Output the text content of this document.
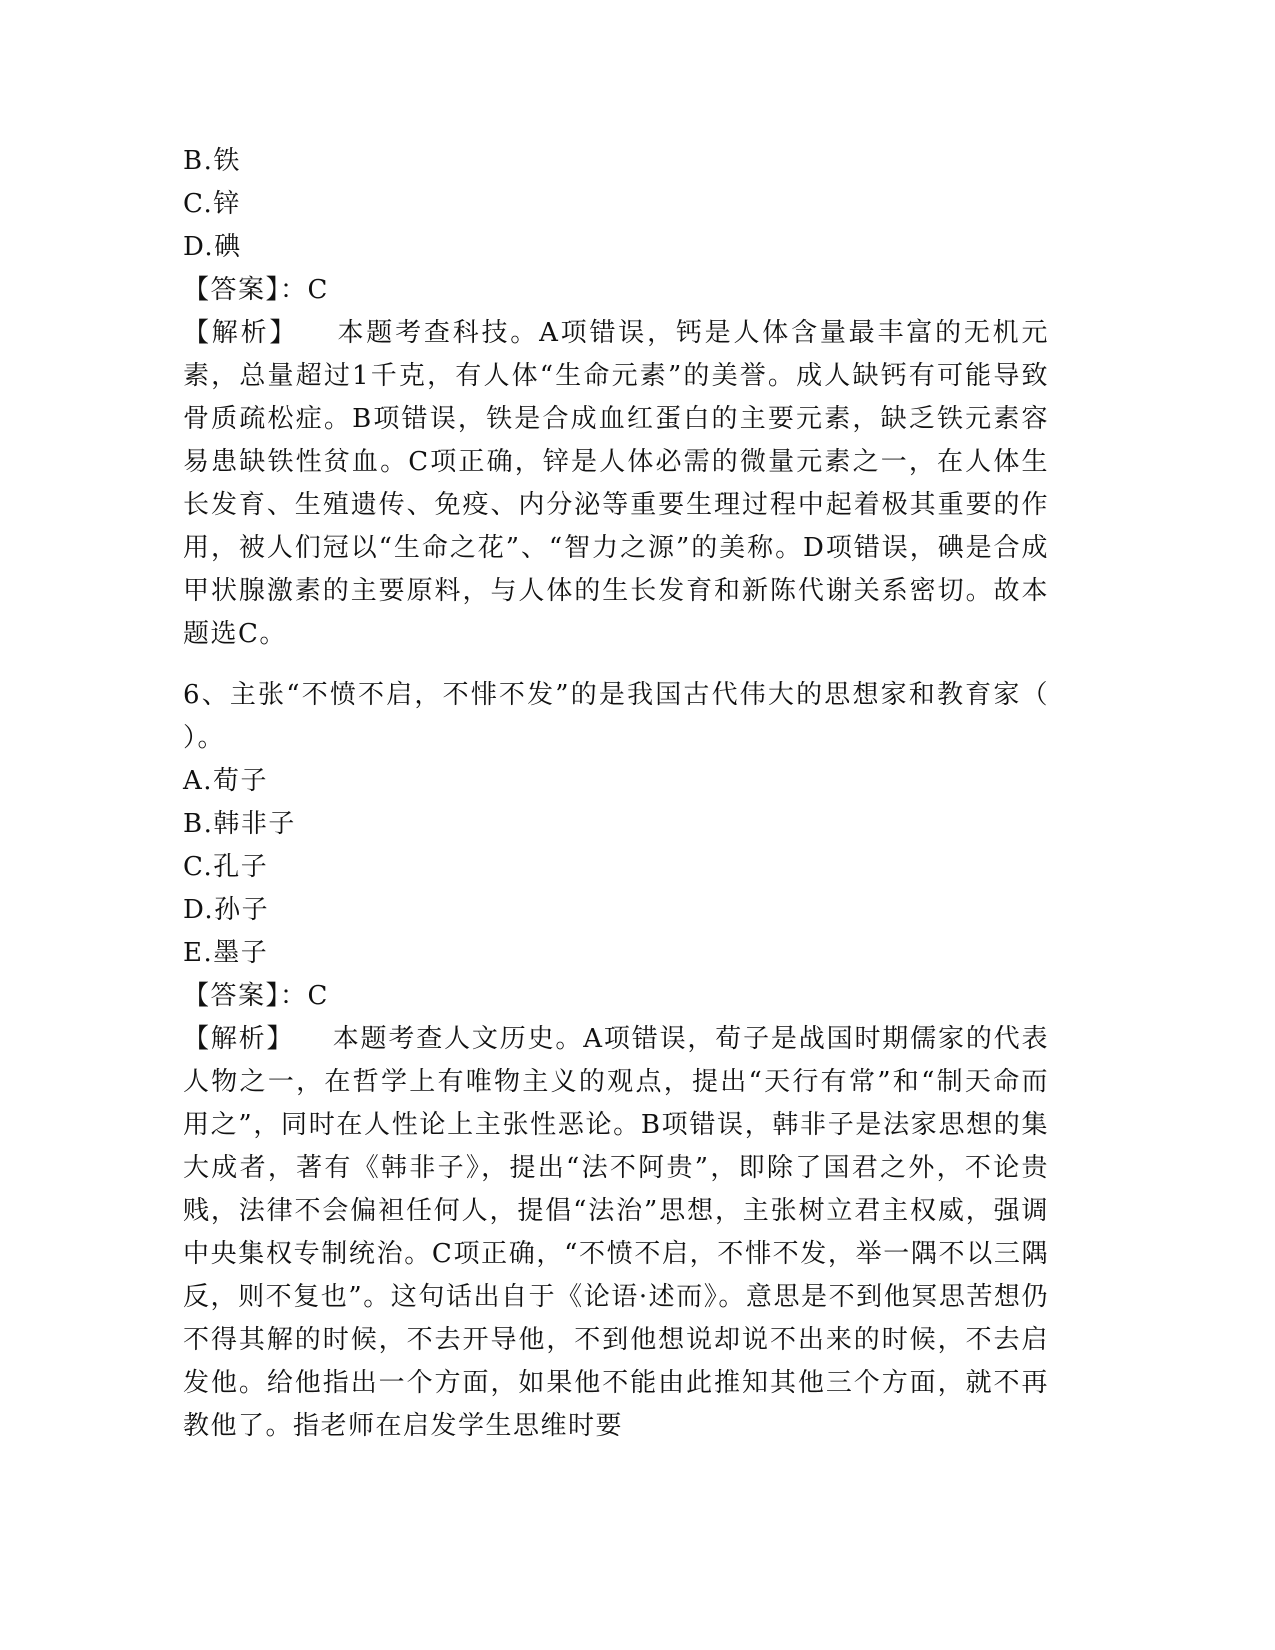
B.铁
C.锌
D.碘
【答案】：C
【解析】 本题考查科技。A项错误，钙是人体含量最丰富的无机元素，总量超过1千克，有人体“生命元素”的美誉。成人缺钙有可能导致骨质疏松症。B项错误，铁是合成血红蛋白的主要元素，缺乏铁元素容易患缺铁性贫血。C项正确，锌是人体必需的微量元素之一，在人体生长发育、生殖遗传、免疫、内分泌等重要生理过程中起着极其重要的作用，被人们冠以“生命之花”、“智力之源”的美称。D项错误，碘是合成甲状腺激素的主要原料，与人体的生长发育和新陈代谢关系密切。故本题选C。
6、主张“不愤不启，不悱不发”的是我国古代伟大的思想家和教育家（　　）。
A.荀子
B.韩非子
C.孔子
D.孙子
E.墨子
【答案】：C
【解析】 本题考查人文历史。A项错误，荀子是战国时期儒家的代表人物之一，在哲学上有唯物主义的观点，提出“天行有常”和“制天命而用之”，同时在人性论上主张性恶论。B项错误，韩非子是法家思想的集大成者，著有《韩非子》，提出“法不阿贵”，即除了国君之外，不论贵贱，法律不会偏袒任何人，提倡“法治”思想，主张树立君主权威，强调中央集权专制统治。C项正确，“不愤不启，不悱不发，举一隅不以三隅反，则不复也”。这句话出自于《论语·述而》。意思是不到他冥思苦想仍不得其解的时候，不去开导他，不到他想说却说不出来的时候，不去启发他。给他指出一个方面，如果他不能由此推知其他三个方面，就不再教他了。指老师在启发学生思维时要
